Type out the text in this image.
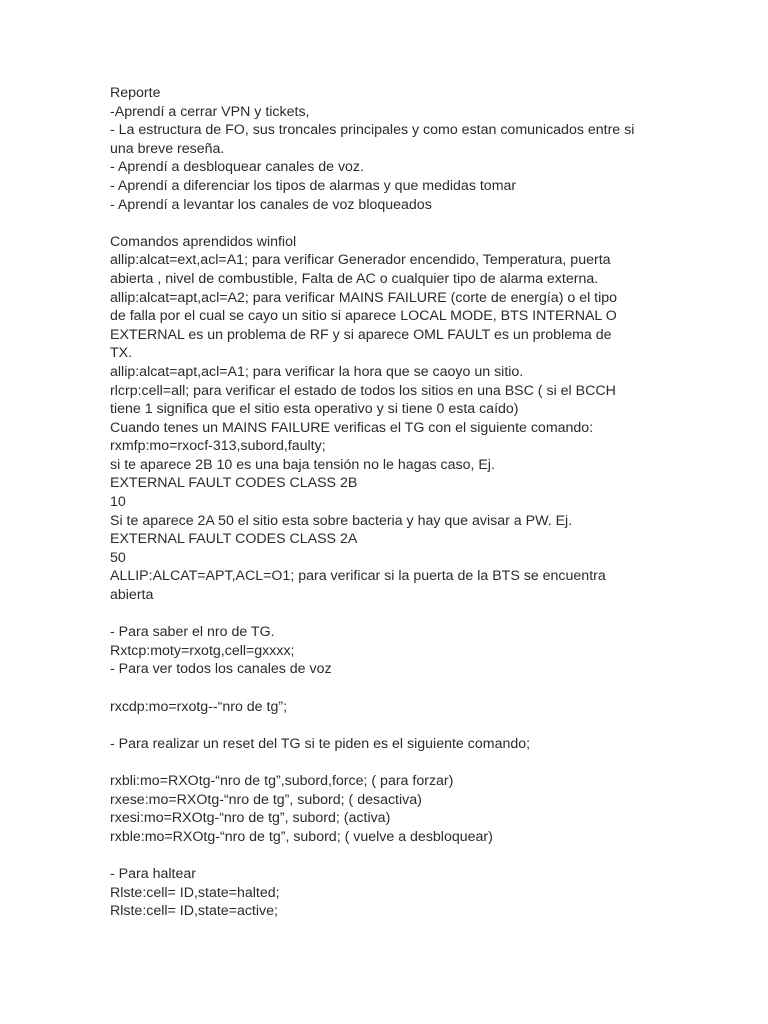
Reporte
-Aprendí a cerrar VPN y tickets,
- La estructura de FO, sus troncales principales y como estan comunicados entre si
una breve reseña.
- Aprendí a desbloquear canales de voz.
- Aprendí a diferenciar los tipos de alarmas y que medidas tomar
- Aprendí a levantar los canales de voz bloqueados
Comandos aprendidos winfiol
allip:alcat=ext,acl=A1; para verificar Generador encendido, Temperatura, puerta
abierta , nivel de combustible, Falta de AC o cualquier tipo de alarma externa.
allip:alcat=apt,acl=A2; para verificar MAINS FAILURE (corte de energía) o el tipo
de falla por el cual se cayo un sitio si aparece LOCAL MODE, BTS INTERNAL O
EXTERNAL es un problema de RF y si aparece OML FAULT es un problema de
TX.
allip:alcat=apt,acl=A1; para verificar la hora que se caoyo un sitio.
rlcrp:cell=all; para verificar el estado de todos los sitios en una BSC ( si el BCCH
tiene 1 significa que el sitio esta operativo y si tiene 0 esta caído)
Cuando tenes un MAINS FAILURE verificas el TG con el siguiente comando:
rxmfp:mo=rxocf-313,subord,faulty;
si te aparece 2B 10 es una baja tensión no le hagas caso, Ej.
EXTERNAL FAULT CODES CLASS 2B
10
Si te aparece 2A 50 el sitio esta sobre bacteria y hay que avisar a PW. Ej.
EXTERNAL FAULT CODES CLASS 2A
50
ALLIP:ALCAT=APT,ACL=O1; para verificar si la puerta de la BTS se encuentra
abierta
- Para saber el nro de TG.
Rxtcp:moty=rxotg,cell=gxxxx;
- Para ver todos los canales de voz
rxcdp:mo=rxotg--“nro de tg”;
- Para realizar un reset del TG si te piden es el siguiente comando;
rxbli:mo=RXOtg-“nro de tg”,subord,force; ( para forzar)
rxese:mo=RXOtg-“nro de tg”, subord; ( desactiva)
rxesi:mo=RXOtg-“nro de tg”, subord; (activa)
rxble:mo=RXOtg-“nro de tg”, subord; ( vuelve a desbloquear)
- Para haltear
Rlste:cell= ID,state=halted;
Rlste:cell= ID,state=active;
